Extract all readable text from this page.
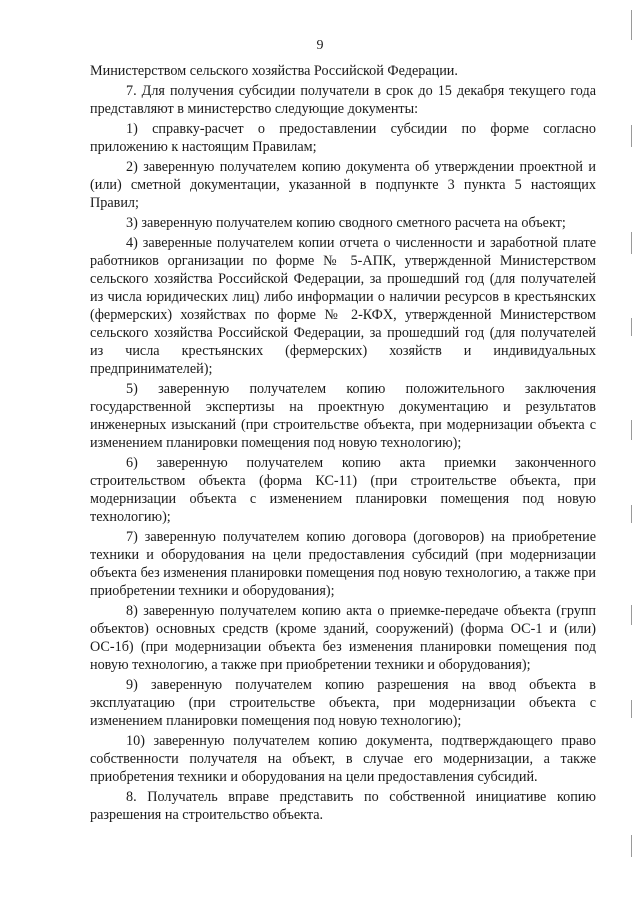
9

Министерством сельского хозяйства Российской Федерации.

7. Для получения субсидии получатели в срок до 15 декабря текущего года представляют в министерство следующие документы:

1) справку-расчет о предоставлении субсидии по форме согласно приложению к настоящим Правилам;

2) заверенную получателем копию документа об утверждении проектной и (или) сметной документации, указанной в подпункте 3 пункта 5 настоящих Правил;

3) заверенную получателем копию сводного сметного расчета на объект;

4) заверенные получателем копии отчета о численности и заработной плате работников организации по форме № 5-АПК, утвержденной Министерством сельского хозяйства Российской Федерации, за прошедший год (для получателей из числа юридических лиц) либо информации о наличии ресурсов в крестьянских (фермерских) хозяйствах по форме № 2-КФХ, утвержденной Министерством сельского хозяйства Российской Федерации, за прошедший год (для получателей из числа крестьянских (фермерских) хозяйств и индивидуальных предпринимателей);

5) заверенную получателем копию положительного заключения государственной экспертизы на проектную документацию и результатов инженерных изысканий (при строительстве объекта, при модернизации объекта с изменением планировки помещения под новую технологию);

6) заверенную получателем копию акта приемки законченного строительством объекта (форма КС-11) (при строительстве объекта, при модернизации объекта с изменением планировки помещения под новую технологию);

7) заверенную получателем копию договора (договоров) на приобретение техники и оборудования на цели предоставления субсидий (при модернизации объекта без изменения планировки помещения под новую технологию, а также при приобретении техники и оборудования);

8) заверенную получателем копию акта о приемке-передаче объекта (групп объектов) основных средств (кроме зданий, сооружений) (форма ОС-1 и (или) ОС-1б) (при модернизации объекта без изменения планировки помещения под новую технологию, а также при приобретении техники и оборудования);

9) заверенную получателем копию разрешения на ввод объекта в эксплуатацию (при строительстве объекта, при модернизации объекта с изменением планировки помещения под новую технологию);

10) заверенную получателем копию документа, подтверждающего право собственности получателя на объект, в случае его модернизации, а также приобретения техники и оборудования на цели предоставления субсидий.

8. Получатель вправе представить по собственной инициативе копию разрешения на строительство объекта.
